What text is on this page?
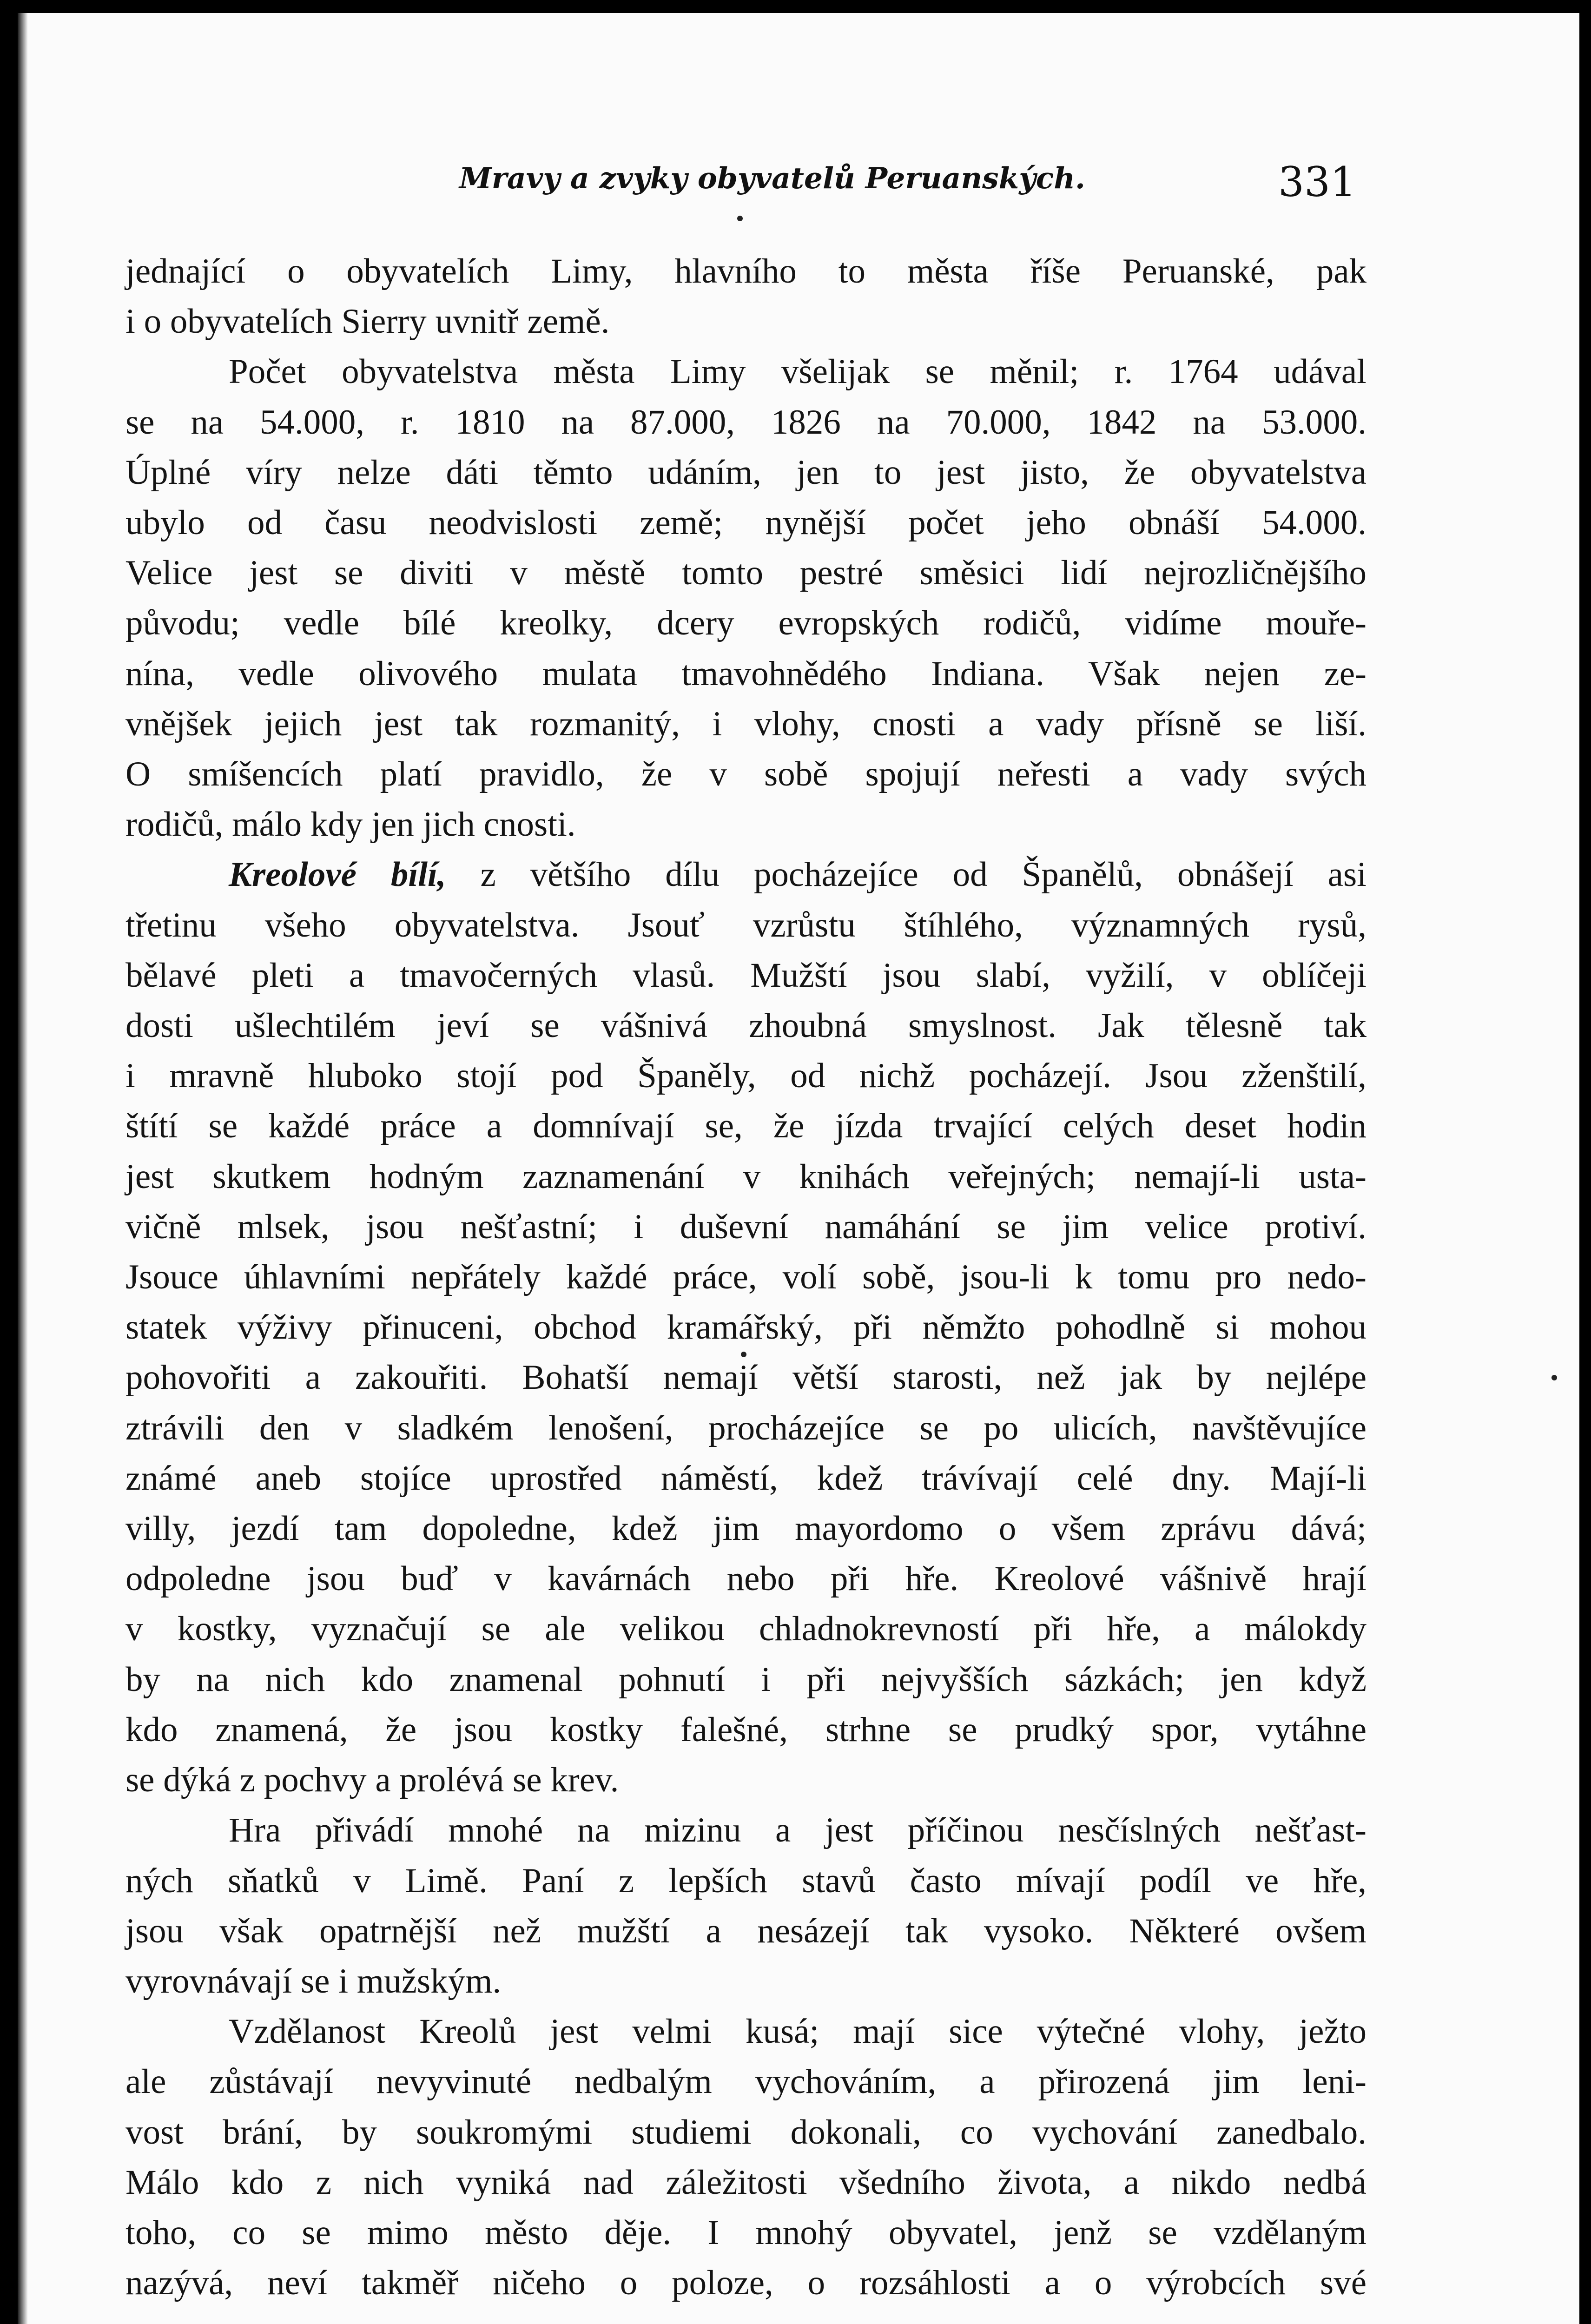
Mravy a zvyky obyvatelů Peruanských.	331
jednající o obyvatelích Limy, hlavního to města říše Peruanské, pak
i o obyvatelích Sierry uvnitř země.
Počet obyvatelstva města Limy všelijak se měnil; r. 1764 udával
se na 54.000, r. 1810 na 87.000, 1826 na 70.000, 1842 na 53.000.
Úplné víry nelze dáti těmto udáním, jen to jest jisto, že obyvatelstva
ubylo od času neodvislosti země; nynější počet jeho obnáší 54.000.
Velice jest se diviti v městě tomto pestré směsici lidí nejrozličnějšího
původu; vedle bílé kreolky, dcery evropských rodičů, vidíme mouře-
nína, vedle olivového mulata tmavohnědého Indiana. Však nejen ze-
vnějšek jejich jest tak rozmanitý, i vlohy, cnosti a vady přísně se liší.
O smíšencích platí pravidlo, že v sobě spojují neřesti a vady svých
rodičů, málo kdy jen jich cnosti.
Kreolové bílí, z většího dílu pocházejíce od Španělů, obnášejí asi
třetinu všeho obyvatelstva. Jsouť vzrůstu štíhlého, významných rysů,
bělavé pleti a tmavočerných vlasů. Mužští jsou slabí, vyžilí, v oblíčeji
dosti ušlechtilém jeví se vášnivá zhoubná smyslnost. Jak tělesně tak
i mravně hluboko stojí pod Španěly, od nichž pocházejí. Jsou zženštilí,
štítí se každé práce a domnívají se, že jízda trvající celých deset hodin
jest skutkem hodným zaznamenání v knihách veřejných; nemají-li usta-
vičně mlsek, jsou nešťastní; i duševní namáhání se jim velice protiví.
Jsouce úhlavními nepřátely každé práce, volí sobě, jsou-li k tomu pro nedo-
statek výživy přinuceni, obchod kramářský, při němžto pohodlně si mohou
pohovořiti a zakouřiti. Bohatší nemají větší starosti, než jak by nejlépe
ztrávili den v sladkém lenošení, procházejíce se po ulicích, navštěvujíce
známé aneb stojíce uprostřed náměstí, kdež trávívají celé dny. Mají-li
villy, jezdí tam dopoledne, kdež jim mayordomo o všem zprávu dává;
odpoledne jsou buď v kavárnách nebo při hře. Kreolové vášnivě hrají
v kostky, vyznačují se ale velikou chladnokrevností při hře, a málokdy
by na nich kdo znamenal pohnutí i při nejvyšších sázkách; jen když
kdo znamená, že jsou kostky falešné, strhne se prudký spor, vytáhne
se dýká z pochvy a prolévá se krev.
Hra přivádí mnohé na mizinu a jest příčinou nesčíslných nešťast-
ných sňatků v Limě. Paní z lepších stavů často mívají podíl ve hře,
jsou však opatrnější než mužští a nesázejí tak vysoko. Některé ovšem
vyrovnávají se i mužským.
Vzdělanost Kreolů jest velmi kusá; mají sice výtečné vlohy, ježto
ale zůstávají nevyvinuté nedbalým vychováním, a přirozená jim leni-
vost brání, by soukromými studiemi dokonali, co vychování zanedbalo.
Málo kdo z nich vyniká nad záležitosti všedního života, a nikdo nedbá
toho, co se mimo město děje. I mnohý obyvatel, jenž se vzdělaným
nazývá, neví takměř ničeho o poloze, o rozsáhlosti a o výrobcích své
